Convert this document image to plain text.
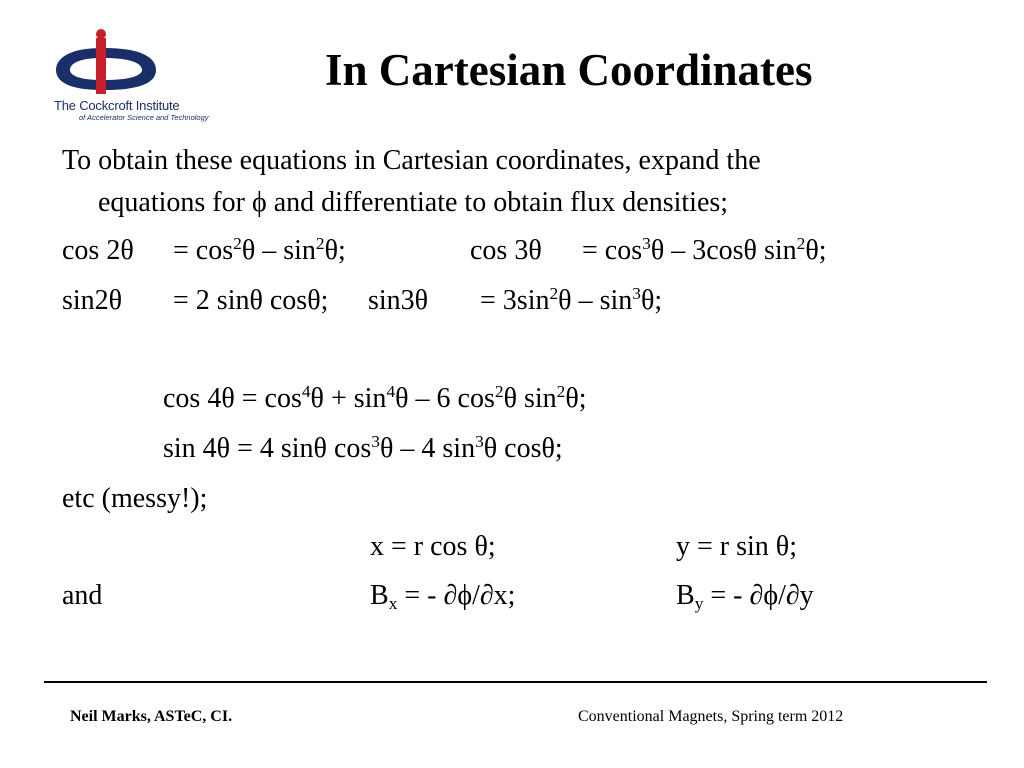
The Cockcroft Institute
of Accelerator Science and Technology
In Cartesian Coordinates
To obtain these equations in Cartesian coordinates, expand the
equations for ϕ and differentiate to obtain flux densities;
$\cos 2\theta = \cos^2\theta - \sin^2\theta$;	$\cos 3\theta = \cos^3\theta - 3\cos\theta$ $\sin^2\theta$;
sin2θ = 2 sinθ cosθ; $\sin 3\theta = 3\sin^2\theta - \sin^3\theta$;
$\cos 4\theta = \cos^4\theta + \sin^4\theta - 6$ $\cos^2\theta$ $\sin^2\theta$;
sin 4θ = 4 sinθ $\cos^3\theta - 4$ $\sin^3\theta$ cosθ;
etc (messy!);
x = r cos θ;	y = r sin θ;
and	$B_x$ = - ∂ϕ/∂x;	$B_y$ = - ∂ϕ/∂y
Neil Marks, ASTeC, CI.	Conventional Magnets, Spring term 2012
